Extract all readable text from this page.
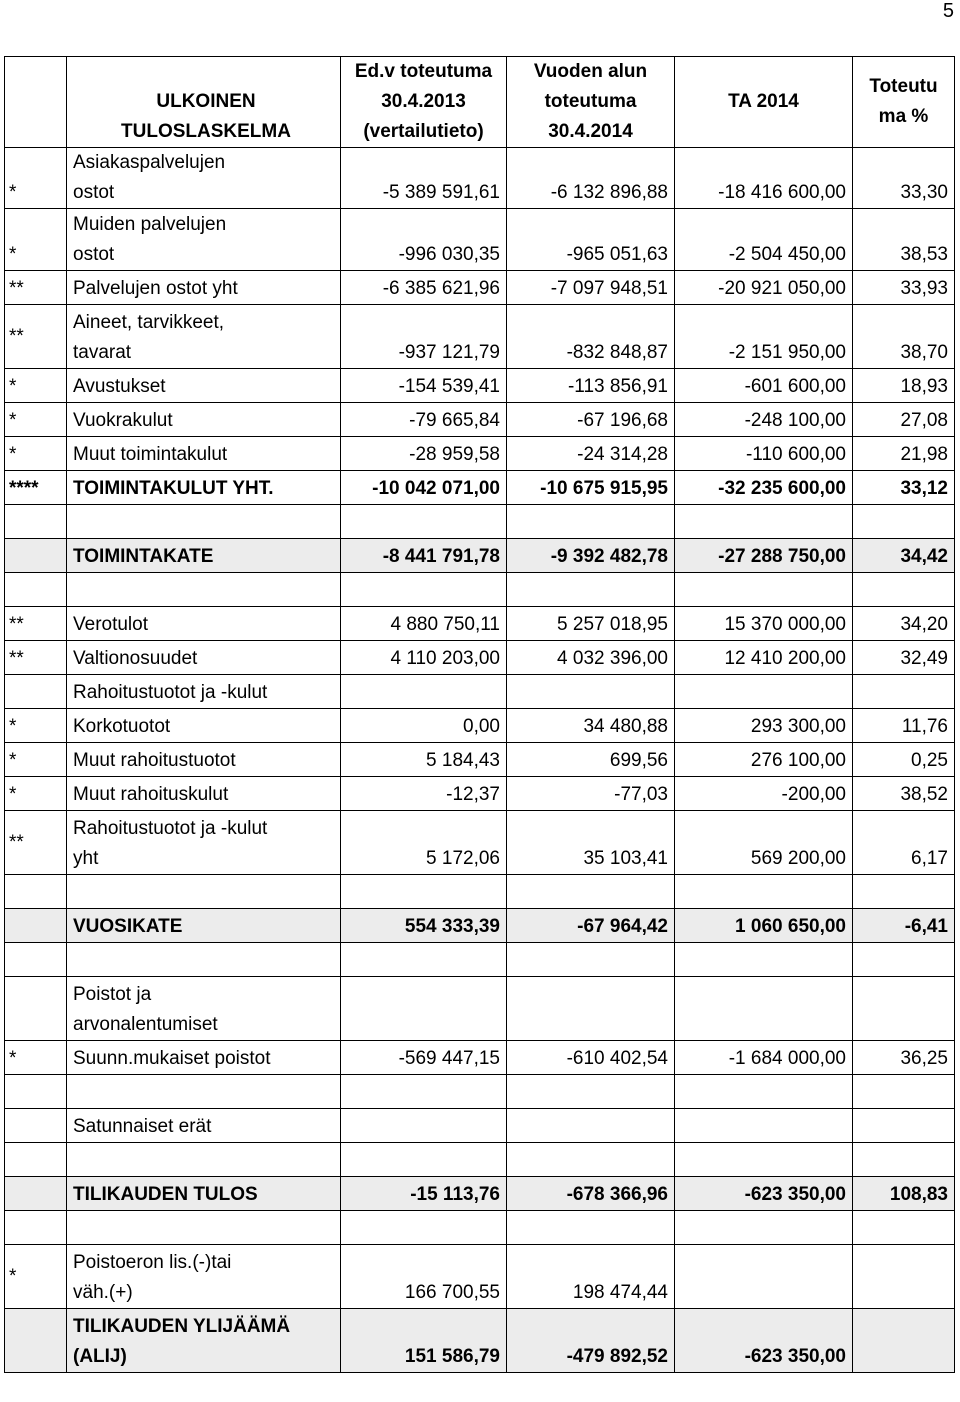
5
	ULKOINEN
TULOSLASKELMA	Ed.v toteutuma
30.4.2013
(vertailutieto)	Vuoden alun
toteutuma
30.4.2014	TA 2014	Toteutu
ma %
*	Asiakaspalvelujen
ostot	-5 389 591,61	-6 132 896,88	-18 416 600,00	33,30
*	Muiden palvelujen
ostot	-996 030,35	-965 051,63	-2 504 450,00	38,53
**	Palvelujen ostot yht	-6 385 621,96	-7 097 948,51	-20 921 050,00	33,93
**	Aineet, tarvikkeet,
tavarat	-937 121,79	-832 848,87	-2 151 950,00	38,70
*	Avustukset	-154 539,41	-113 856,91	-601 600,00	18,93
*	Vuokrakulut	-79 665,84	-67 196,68	-248 100,00	27,08
*	Muut toimintakulut	-28 959,58	-24 314,28	-110 600,00	21,98
****	TOIMINTAKULUT YHT.	-10 042 071,00	-10 675 915,95	-32 235 600,00	33,12

	TOIMINTAKATE	-8 441 791,78	-9 392 482,78	-27 288 750,00	34,42

**	Verotulot	4 880 750,11	5 257 018,95	15 370 000,00	34,20
**	Valtionosuudet	4 110 203,00	4 032 396,00	12 410 200,00	32,49
	Rahoitustuotot ja -kulut				
*	Korkotuotot	0,00	34 480,88	293 300,00	11,76
*	Muut rahoitustuotot	5 184,43	699,56	276 100,00	0,25
*	Muut rahoituskulut	-12,37	-77,03	-200,00	38,52
**	Rahoitustuotot ja -kulut
yht	5 172,06	35 103,41	569 200,00	6,17

	VUOSIKATE	554 333,39	-67 964,42	1 060 650,00	-6,41

	Poistot ja
arvonalentumiset				
*	Suunn.mukaiset poistot	-569 447,15	-610 402,54	-1 684 000,00	36,25

	Satunnaiset erät				

	TILIKAUDEN TULOS	-15 113,76	-678 366,96	-623 350,00	108,83

*	Poistoeron lis.(-)tai
väh.(+)	166 700,55	198 474,44		
	TILIKAUDEN YLIJÄÄMÄ
(ALIJ)	151 586,79	-479 892,52	-623 350,00	
